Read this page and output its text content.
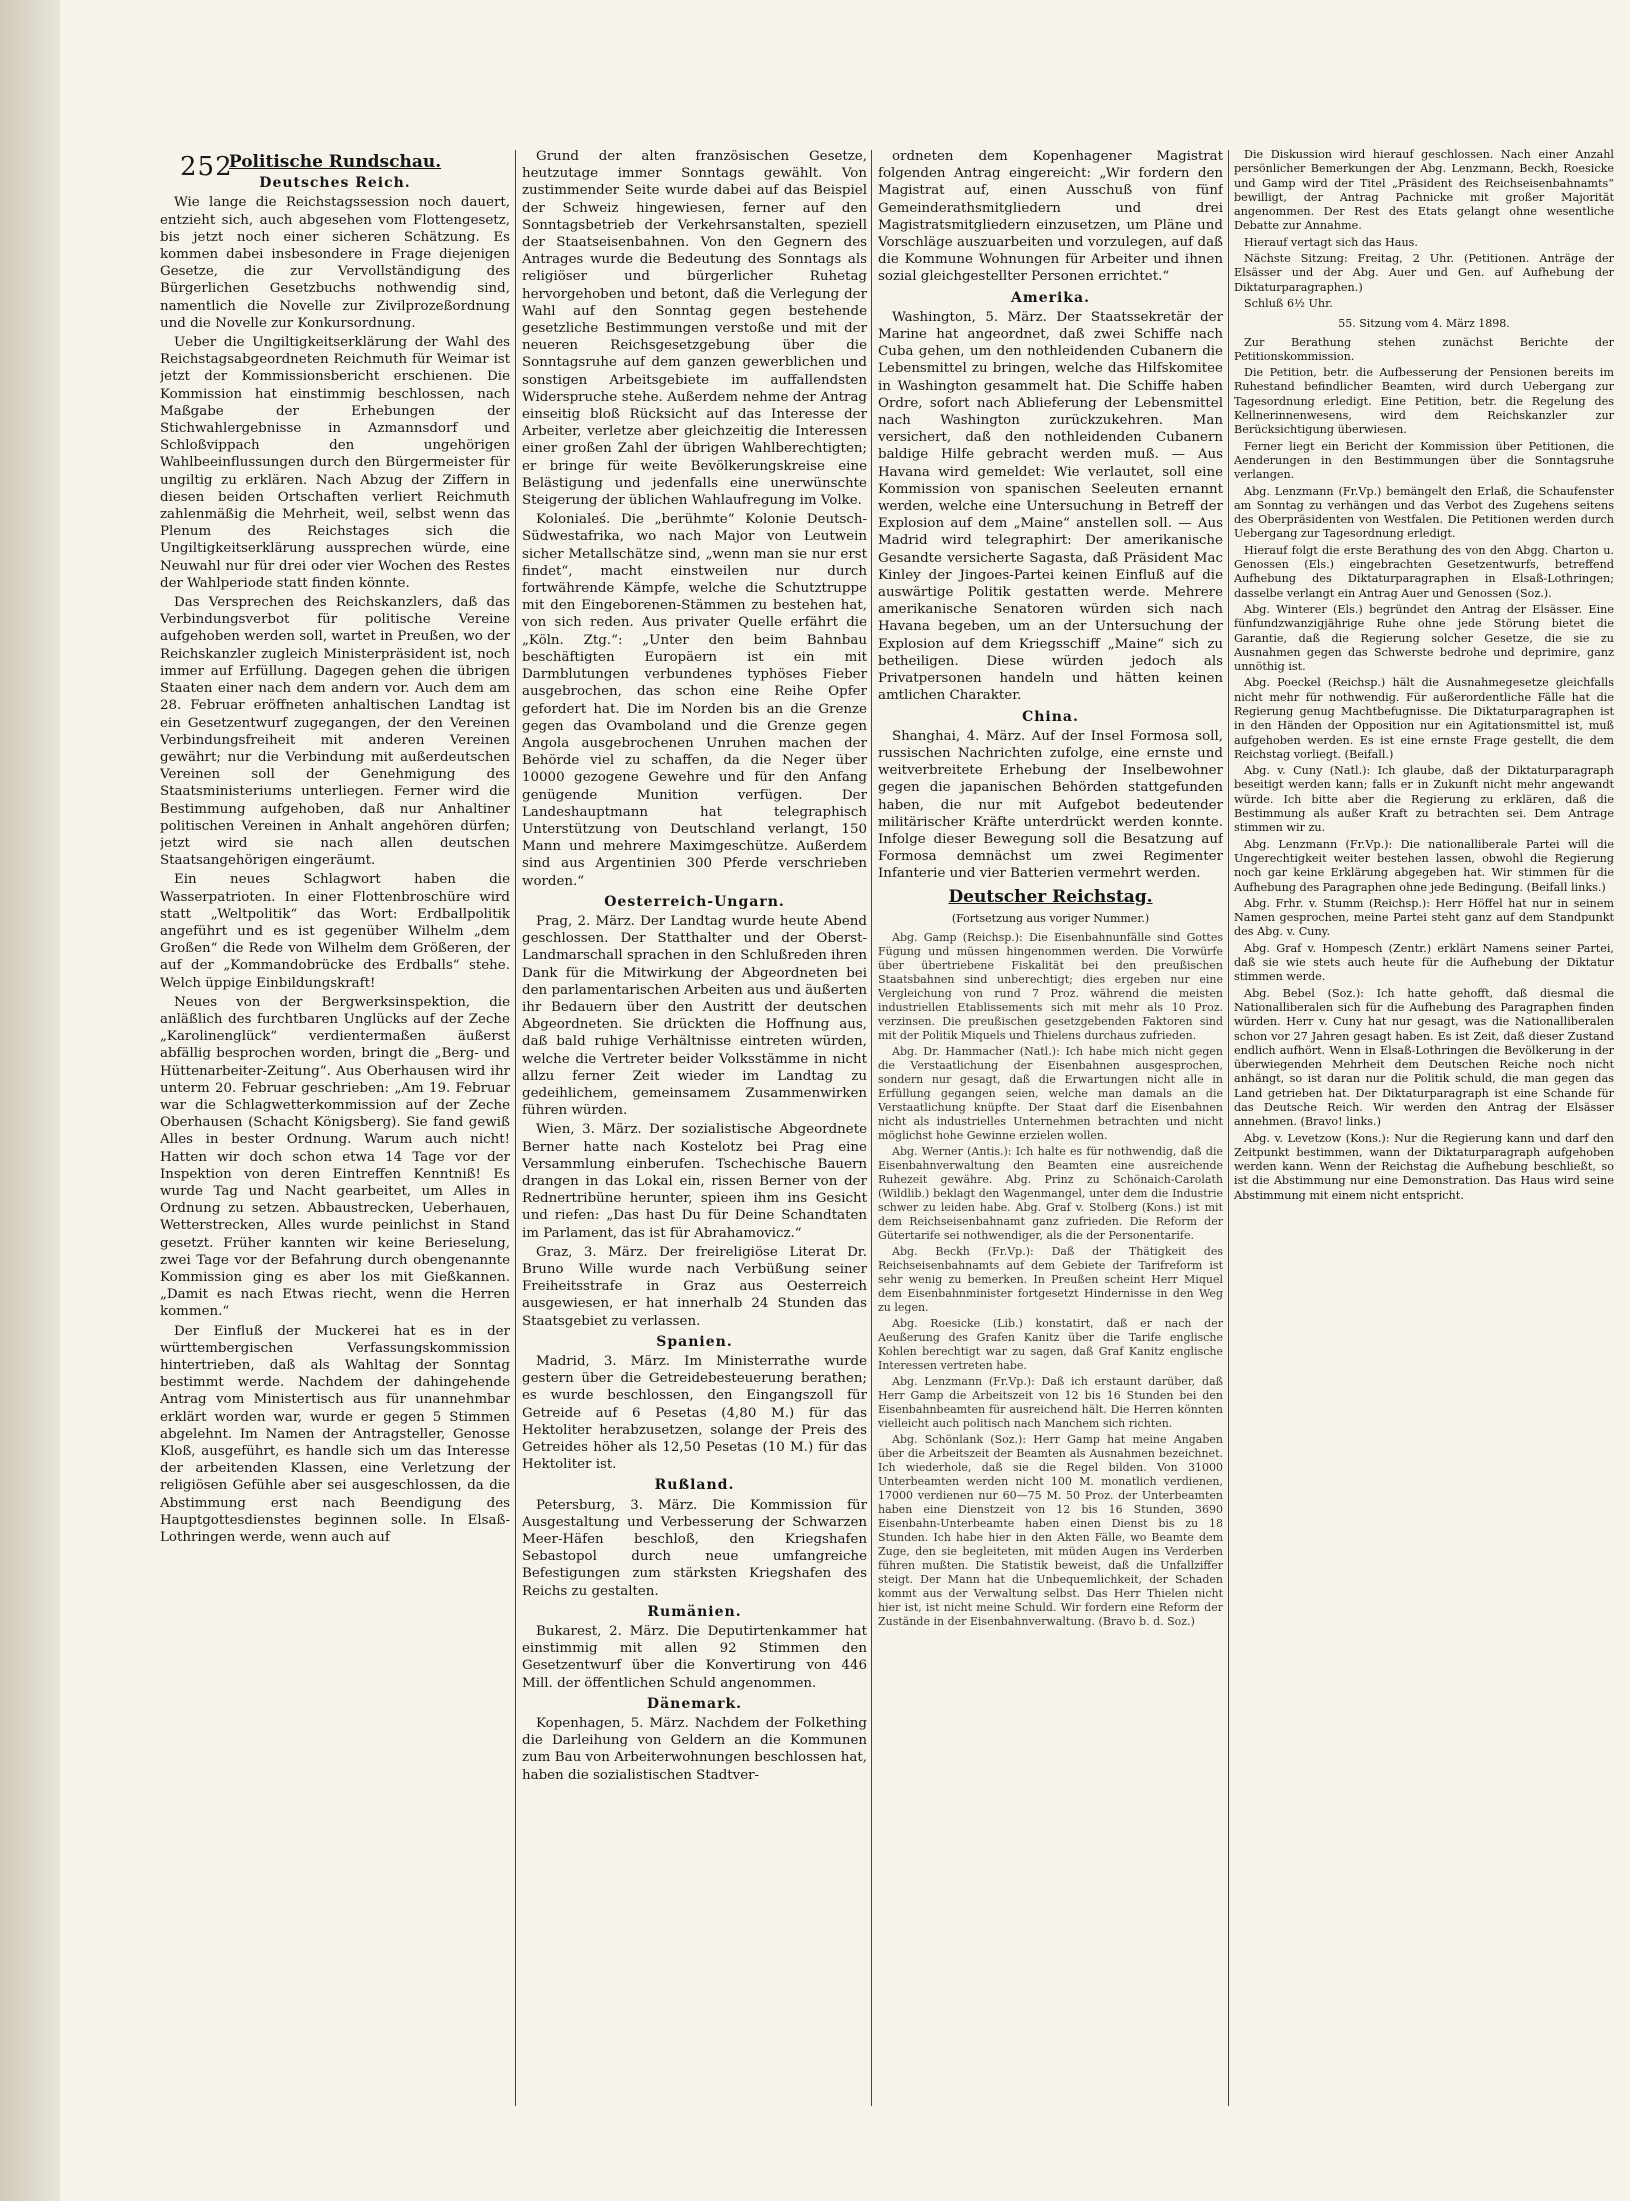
252
Politische Rundschau.
Deutsches Reich.

Wie lange die Reichstagssession noch dauert, entzieht sich, auch abgesehen vom Flottengesetz, bis jetzt noch einer sicheren Schätzung. Es kommen dabei insbesondere in Frage diejenigen Gesetze, die zur Vervollständigung des Bürgerlichen Gesetzbuchs nothwendig sind, namentlich die Novelle zur Zivilprozeßordnung und die Novelle zur Konkursordnung.

Ueber die Ungiltigkeitserklärung der Wahl des Reichstagsabgeordneten Reichmuth für Weimar ist jetzt der Kommissionsbericht erschienen. Die Kommission hat einstimmig beschlossen, nach Maßgabe der Erhebungen der Stichwahlergebnisse in Azmannsdorf und Schloßvippach den ungehörigen Wahlbeeinflussungen durch den Bürgermeister für ungiltig zu erklären. Nach Abzug der Ziffern in diesen beiden Ortschaften verliert Reichmuth zahlenmäßig die Mehrheit, weil, selbst wenn das Plenum des Reichstages sich die Ungiltigkeitserklärung aussprechen würde, eine Neuwahl nur für drei oder vier Wochen des Restes der Wahlperiode statt finden könnte.

Das Versprechen des Reichskanzlers, daß das Verbindungsverbot für politische Vereine aufgehoben werden soll, wartet in Preußen, wo der Reichskanzler zugleich Ministerpräsident ist, noch immer auf Erfüllung. Dagegen gehen die übrigen Staaten einer nach dem andern vor. Auch dem am 28. Februar eröffneten anhaltischen Landtag ist ein Gesetzentwurf zugegangen, der den Vereinen Verbindungsfreiheit mit anderen Vereinen gewährt; nur die Verbindung mit außerdeutschen Vereinen soll der Genehmigung des Staatsministeriums unterliegen. Ferner wird die Bestimmung aufgehoben, daß nur Anhaltiner politischen Vereinen in Anhalt angehören dürfen; jetzt wird sie nach allen deutschen Staatsangehörigen eingeräumt.

Ein neues Schlagwort haben die Wasserpatrioten. In einer Flottenbroschüre wird statt „Weltpolitik“ das Wort: Erdballpolitik angeführt und es ist gegenüber Wilhelm „dem Großen“ die Rede von Wilhelm dem Größeren, der auf der „Kommandobrücke des Erdballs“ stehe. Welch üppige Einbildungskraft!

Neues von der Bergwerksinspektion, die anläßlich des furchtbaren Unglücks auf der Zeche „Karolinenglück“ verdientermaßen äußerst abfällig besprochen worden, bringt die „Berg- und Hüttenarbeiter-Zeitung“. Aus Oberhausen wird ihr unterm 20. Februar geschrieben: „Am 19. Februar war die Schlagwetterkommission auf der Zeche Oberhausen (Schacht Königsberg). Sie fand gewiß Alles in bester Ordnung. Warum auch nicht! Hatten wir doch schon etwa 14 Tage vor der Inspektion von deren Eintreffen Kenntniß! Es wurde Tag und Nacht gearbeitet, um Alles in Ordnung zu setzen. Abbaustrecken, Ueberhauen, Wetterstrecken, Alles wurde peinlichst in Stand gesetzt. Früher kannten wir keine Berieselung, zwei Tage vor der Befahrung durch obengenannte Kommission ging es aber los mit Gießkannen. „Damit es nach Etwas riecht, wenn die Herren kommen.“

Der Einfluß der Muckerei hat es in der württembergischen Verfassungskommission hintertrieben, daß als Wahltag der Sonntag bestimmt werde. Nachdem der dahingehende Antrag vom Ministertisch aus für unannehmbar erklärt worden war, wurde er gegen 5 Stimmen abgelehnt. Im Namen der Antragsteller, Genosse Kloß, ausgeführt, es handle sich um das Interesse der arbeitenden Klassen, eine Verletzung der religiösen Gefühle aber sei ausgeschlossen, da die Abstimmung erst nach Beendigung des Hauptgottesdienstes beginnen solle. In Elsaß-Lothringen werde, wenn auch auf

Grund der alten französischen Gesetze, heutzutage immer Sonntags gewählt. Von zustimmender Seite wurde dabei auf das Beispiel der Schweiz hingewiesen, ferner auf den Sonntagsbetrieb der Verkehrsanstalten, speziell der Staatseisenbahnen. Von den Gegnern des Antrages wurde die Bedeutung des Sonntags als religiöser und bürgerlicher Ruhetag hervorgehoben und betont, daß die Verlegung der Wahl auf den Sonntag gegen bestehende gesetzliche Bestimmungen verstoße und mit der neueren Reichsgesetzgebung über die Sonntagsruhe auf dem ganzen gewerblichen und sonstigen Arbeitsgebiete im auffallendsten Widerspruche stehe. Außerdem nehme der Antrag einseitig bloß Rücksicht auf das Interesse der Arbeiter, verletze aber gleichzeitig die Interessen einer großen Zahl der übrigen Wahlberechtigten; er bringe für weite Bevölkerungskreise eine Belästigung und jedenfalls eine unerwünschte Steigerung der üblichen Wahlaufregung im Volke.

Kolonialeś. Die „berühmte“ Kolonie Deutsch-Südwestafrika, wo nach Major von Leutwein sicher Metallschätze sind, „wenn man sie nur erst findet“, macht einstweilen nur durch fortwährende Kämpfe, welche die Schutztruppe mit den Eingeborenen-Stämmen zu bestehen hat, von sich reden. Aus privater Quelle erfährt die „Köln. Ztg.“: „Unter den beim Bahnbau beschäftigten Europäern ist ein mit Darmblutungen verbundenes typhöses Fieber ausgebrochen, das schon eine Reihe Opfer gefordert hat. Die im Norden bis an die Grenze gegen das Ovamboland und die Grenze gegen Angola ausgebrochenen Unruhen machen der Behörde viel zu schaffen, da die Neger über 10000 gezogene Gewehre und für den Anfang genügende Munition verfügen. Der Landeshauptmann hat telegraphisch Unterstützung von Deutschland verlangt, 150 Mann und mehrere Maximgeschütze. Außerdem sind aus Argentinien 300 Pferde verschrieben worden.“

Oesterreich-Ungarn.

Prag, 2. März. Der Landtag wurde heute Abend geschlossen. Der Statthalter und der Oberst-Landmarschall sprachen in den Schlußreden ihren Dank für die Mitwirkung der Abgeordneten bei den parlamentarischen Arbeiten aus und äußerten ihr Bedauern über den Austritt der deutschen Abgeordneten. Sie drückten die Hoffnung aus, daß bald ruhige Verhältnisse eintreten würden, welche die Vertreter beider Volksstämme in nicht allzu ferner Zeit wieder im Landtag zu gedeihlichem, gemeinsamem Zusammenwirken führen würden.

Wien, 3. März. Der sozialistische Abgeordnete Berner hatte nach Kostelotz bei Prag eine Versammlung einberufen. Tschechische Bauern drangen in das Lokal ein, rissen Berner von der Rednertribüne herunter, spieen ihm ins Gesicht und riefen: „Das hast Du für Deine Schandtaten im Parlament, das ist für Abrahamovicz.“

Graz, 3. März. Der freireligiöse Literat Dr. Bruno Wille wurde nach Verbüßung seiner Freiheitsstrafe in Graz aus Oesterreich ausgewiesen, er hat innerhalb 24 Stunden das Staatsgebiet zu verlassen.

Spanien.

Madrid, 3. März. Im Ministerrathe wurde gestern über die Getreidebesteuerung berathen; es wurde beschlossen, den Eingangszoll für Getreide auf 6 Pesetas (4,80 M.) für das Hektoliter herabzusetzen, solange der Preis des Getreides höher als 12,50 Pesetas (10 M.) für das Hektoliter ist.

Rußland.

Petersburg, 3. März. Die Kommission für Ausgestaltung und Verbesserung der Schwarzen Meer-Häfen beschloß, den Kriegshafen Sebastopol durch neue umfangreiche Befestigungen zum stärksten Kriegshafen des Reichs zu gestalten.

Rumänien.

Bukarest, 2. März. Die Deputirtenkammer hat einstimmig mit allen 92 Stimmen den Gesetzentwurf über die Konvertirung von 446 Mill. der öffentlichen Schuld angenommen.

Dänemark.

Kopenhagen, 5. März. Nachdem der Folkething die Darleihung von Geldern an die Kommunen zum Bau von Arbeiterwohnungen beschlossen hat, haben die sozialistischen Stadtver-

ordneten dem Kopenhagener Magistrat folgenden Antrag eingereicht: „Wir fordern den Magistrat auf, einen Ausschuß von fünf Gemeinderathsmitgliedern und drei Magistratsmitgliedern einzusetzen, um Pläne und Vorschläge auszuarbeiten und vorzulegen, auf daß die Kommune Wohnungen für Arbeiter und ihnen sozial gleichgestellter Personen errichtet.“

Amerika.

Washington, 5. März. Der Staatssekretär der Marine hat angeordnet, daß zwei Schiffe nach Cuba gehen, um den nothleidenden Cubanern die Lebensmittel zu bringen, welche das Hilfskomitee in Washington gesammelt hat. Die Schiffe haben Ordre, sofort nach Ablieferung der Lebensmittel nach Washington zurückzukehren. Man versichert, daß den nothleidenden Cubanern baldige Hilfe gebracht werden muß. — Aus Havana wird gemeldet: Wie verlautet, soll eine Kommission von spanischen Seeleuten ernannt werden, welche eine Untersuchung in Betreff der Explosion auf dem „Maine“ anstellen soll. — Aus Madrid wird telegraphirt: Der amerikanische Gesandte versicherte Sagasta, daß Präsident Mac Kinley der Jingoes-Partei keinen Einfluß auf die auswärtige Politik gestatten werde. Mehrere amerikanische Senatoren würden sich nach Havana begeben, um an der Untersuchung der Explosion auf dem Kriegsschiff „Maine“ sich zu betheiligen. Diese würden jedoch als Privatpersonen handeln und hätten keinen amtlichen Charakter.

China.

Shanghai, 4. März. Auf der Insel Formosa soll, russischen Nachrichten zufolge, eine ernste und weitverbreitete Erhebung der Inselbewohner gegen die japanischen Behörden stattgefunden haben, die nur mit Aufgebot bedeutender militärischer Kräfte unterdrückt werden konnte. Infolge dieser Bewegung soll die Besatzung auf Formosa demnächst um zwei Regimenter Infanterie und vier Batterien vermehrt werden.

Deutscher Reichstag.
(Fortsetzung aus voriger Nummer.)

Abg. Gamp (Reichsp.): Die Eisenbahnunfälle sind Gottes Fügung und müssen hingenommen werden. Die Vorwürfe über übertriebene Fiskalität bei den preußischen Staatsbahnen sind unberechtigt; dies ergeben nur eine Vergleichung von rund 7 Proz. während die meisten industriellen Etablissements sich mit mehr als 10 Proz. verzinsen. Die preußischen gesetzgebenden Faktoren sind mit der Politik Miquels und Thielens durchaus zufrieden.

Abg. Dr. Hammacher (Natl.): Ich habe mich nicht gegen die Verstaatlichung der Eisenbahnen ausgesprochen, sondern nur gesagt, daß die Erwartungen nicht alle in Erfüllung gegangen seien, welche man damals an die Verstaatlichung knüpfte. Der Staat darf die Eisenbahnen nicht als industrielles Unternehmen betrachten und nicht möglichst hohe Gewinne erzielen wollen.

Abg. Werner (Antis.): Ich halte es für nothwendig, daß die Eisenbahnverwaltung den Beamten eine ausreichende Ruhezeit gewähre. Abg. Prinz zu Schönaich-Carolath (Wildlib.) beklagt den Wagenmangel, unter dem die Industrie schwer zu leiden habe. Abg. Graf v. Stolberg (Kons.) ist mit dem Reichseisenbahnamt ganz zufrieden. Die Reform der Gütertarife sei nothwendiger, als die der Personentarife.

Abg. Beckh (Fr.Vp.): Daß der Thätigkeit des Reichseisenbahnamts auf dem Gebiete der Tarifreform ist sehr wenig zu bemerken. In Preußen scheint Herr Miquel dem Eisenbahnminister fortgesetzt Hindernisse in den Weg zu legen.

Abg. Roesicke (Lib.) konstatirt, daß er nach der Aeußerung des Grafen Kanitz über die Tarife englische Kohlen berechtigt war zu sagen, daß Graf Kanitz englische Interessen vertreten habe.

Abg. Lenzmann (Fr.Vp.): Daß ich erstaunt darüber, daß Herr Gamp die Arbeitszeit von 12 bis 16 Stunden bei den Eisenbahnbeamten für ausreichend hält. Die Herren könnten vielleicht auch politisch nach Manchem sich richten.

Abg. Schönlank (Soz.): Herr Gamp hat meine Angaben über die Arbeitszeit der Beamten als Ausnahmen bezeichnet. Ich wiederhole, daß sie die Regel bilden. Von 31000 Unterbeamten werden nicht 100 M. monatlich verdienen, 17000 verdienen nur 60—75 M. 50 Proz. der Unterbeamten haben eine Dienstzeit von 12 bis 16 Stunden, 3690 Eisenbahn-Unterbeamte haben einen Dienst bis zu 18 Stunden. Ich habe hier in den Akten Fälle, wo Beamte dem Zuge, den sie begleiteten, mit müden Augen ins Verderben führen mußten. Die Statistik beweist, daß die Unfallziffer steigt. Der Mann hat die Unbequemlichkeit, der Schaden kommt aus der Verwaltung selbst. Das Herr Thielen nicht hier ist, ist nicht meine Schuld. Wir fordern eine Reform der Zustände in der Eisenbahnverwaltung. (Bravo b. d. Soz.)

Die Diskussion wird hierauf geschlossen. Nach einer Anzahl persönlicher Bemerkungen der Abg. Lenzmann, Beckh, Roesicke und Gamp wird der Titel „Präsident des Reichseisenbahnamts“ bewilligt, der Antrag Pachnicke mit großer Majorität angenommen. Der Rest des Etats gelangt ohne wesentliche Debatte zur Annahme.

Hierauf vertagt sich das Haus.

Nächste Sitzung: Freitag, 2 Uhr. (Petitionen. Anträge der Elsässer und der Abg. Auer und Gen. auf Aufhebung der Diktaturparagraphen.)

Schluß 6¹⁄₂ Uhr.

55. Sitzung vom 4. März 1898.

Zur Berathung stehen zunächst Berichte der Petitionskommission.

Die Petition, betr. die Aufbesserung der Pensionen bereits im Ruhestand befindlicher Beamten, wird durch Uebergang zur Tagesordnung erledigt. Eine Petition, betr. die Regelung des Kellnerinnenwesens, wird dem Reichskanzler zur Berücksichtigung überwiesen.

Ferner liegt ein Bericht der Kommission über Petitionen, die Aenderungen in den Bestimmungen über die Sonntagsruhe verlangen.

Abg. Lenzmann (Fr.Vp.) bemängelt den Erlaß, die Schaufenster am Sonntag zu verhängen und das Verbot des Zugehens seitens des Oberpräsidenten von Westfalen. Die Petitionen werden durch Uebergang zur Tagesordnung erledigt.

Hierauf folgt die erste Berathung des von den Abgg. Charton u. Genossen (Els.) eingebrachten Gesetzentwurfs, betreffend Aufhebung des Diktaturparagraphen in Elsaß-Lothringen; dasselbe verlangt ein Antrag Auer und Genossen (Soz.).

Abg. Winterer (Els.) begründet den Antrag der Elsässer. Eine fünfundzwanzigjährige Ruhe ohne jede Störung bietet die Garantie, daß die Regierung solcher Gesetze, die sie zu Ausnahmen gegen das Schwerste bedrohe und deprimire, ganz unnöthig ist.

Abg. Poeckel (Reichsp.) hält die Ausnahmegesetze gleichfalls nicht mehr für nothwendig. Für außerordentliche Fälle hat die Regierung genug Machtbefugnisse. Die Diktaturparagraphen ist in den Händen der Opposition nur ein Agitationsmittel ist, muß aufgehoben werden. Es ist eine ernste Frage gestellt, die dem Reichstag vorliegt. (Beifall.)

Abg. v. Cuny (Natl.): Ich glaube, daß der Diktaturparagraph beseitigt werden kann; falls er in Zukunft nicht mehr angewandt würde. Ich bitte aber die Regierung zu erklären, daß die Bestimmung als außer Kraft zu betrachten sei. Dem Antrage stimmen wir zu.

Abg. Lenzmann (Fr.Vp.): Die nationalliberale Partei will die Ungerechtigkeit weiter bestehen lassen, obwohl die Regierung noch gar keine Erklärung abgegeben hat. Wir stimmen für die Aufhebung des Paragraphen ohne jede Bedingung. (Beifall links.)

Abg. Frhr. v. Stumm (Reichsp.): Herr Höffel hat nur in seinem Namen gesprochen, meine Partei steht ganz auf dem Standpunkt des Abg. v. Cuny.

Abg. Graf v. Hompesch (Zentr.) erklärt Namens seiner Partei, daß sie wie stets auch heute für die Aufhebung der Diktatur stimmen werde.

Abg. Bebel (Soz.): Ich hatte gehofft, daß diesmal die Nationalliberalen sich für die Aufhebung des Paragraphen finden würden. Herr v. Cuny hat nur gesagt, was die Nationalliberalen schon vor 27 Jahren gesagt haben. Es ist Zeit, daß dieser Zustand endlich aufhört. Wenn in Elsaß-Lothringen die Bevölkerung in der überwiegenden Mehrheit dem Deutschen Reiche noch nicht anhängt, so ist daran nur die Politik schuld, die man gegen das Land getrieben hat. Der Diktaturparagraph ist eine Schande für das Deutsche Reich. Wir werden den Antrag der Elsässer annehmen. (Bravo! links.)

Abg. v. Levetzow (Kons.): Nur die Regierung kann und darf den Zeitpunkt bestimmen, wann der Diktaturparagraph aufgehoben werden kann. Wenn der Reichstag die Aufhebung beschließt, so ist die Abstimmung nur eine Demonstration. Das Haus wird seine Abstimmung mit einem nicht entspricht.
